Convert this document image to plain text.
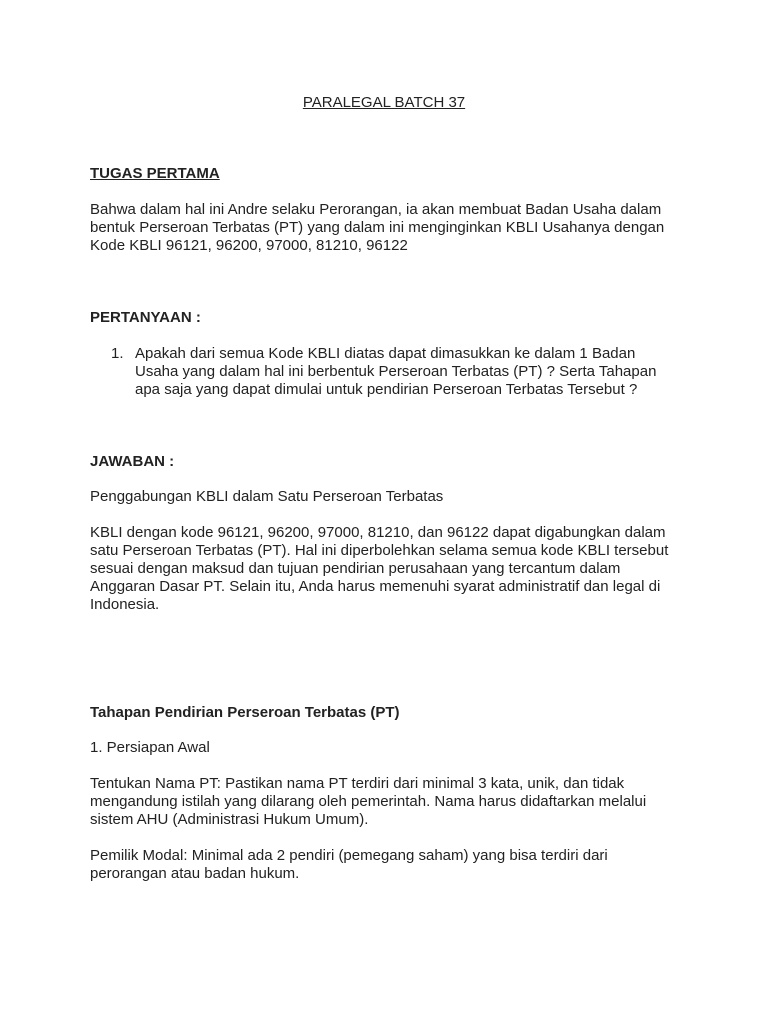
PARALEGAL BATCH 37

TUGAS PERTAMA

Bahwa dalam hal ini Andre selaku Perorangan, ia akan membuat Badan Usaha dalam

bentuk Perseroan Terbatas (PT) yang dalam ini menginginkan KBLI Usahanya dengan

Kode KBLI 96121, 96200, 97000, 81210, 96122

PERTANYAAN :

1. Apakah dari semua Kode KBLI diatas dapat dimasukkan ke dalam 1 Badan

Usaha yang dalam hal ini berbentuk Perseroan Terbatas (PT) ? Serta Tahapan

apa saja yang dapat dimulai untuk pendirian Perseroan Terbatas Tersebut ?

JAWABAN :

Penggabungan KBLI dalam Satu Perseroan Terbatas

KBLI dengan kode 96121, 96200, 97000, 81210, dan 96122 dapat digabungkan dalam

satu Perseroan Terbatas (PT). Hal ini diperbolehkan selama semua kode KBLI tersebut

sesuai dengan maksud dan tujuan pendirian perusahaan yang tercantum dalam

Anggaran Dasar PT. Selain itu, Anda harus memenuhi syarat administratif dan legal di

Indonesia.

Tahapan Pendirian Perseroan Terbatas (PT)

1. Persiapan Awal

Tentukan Nama PT: Pastikan nama PT terdiri dari minimal 3 kata, unik, dan tidak

mengandung istilah yang dilarang oleh pemerintah. Nama harus didaftarkan melalui

sistem AHU (Administrasi Hukum Umum).

Pemilik Modal: Minimal ada 2 pendiri (pemegang saham) yang bisa terdiri dari

perorangan atau badan hukum.
